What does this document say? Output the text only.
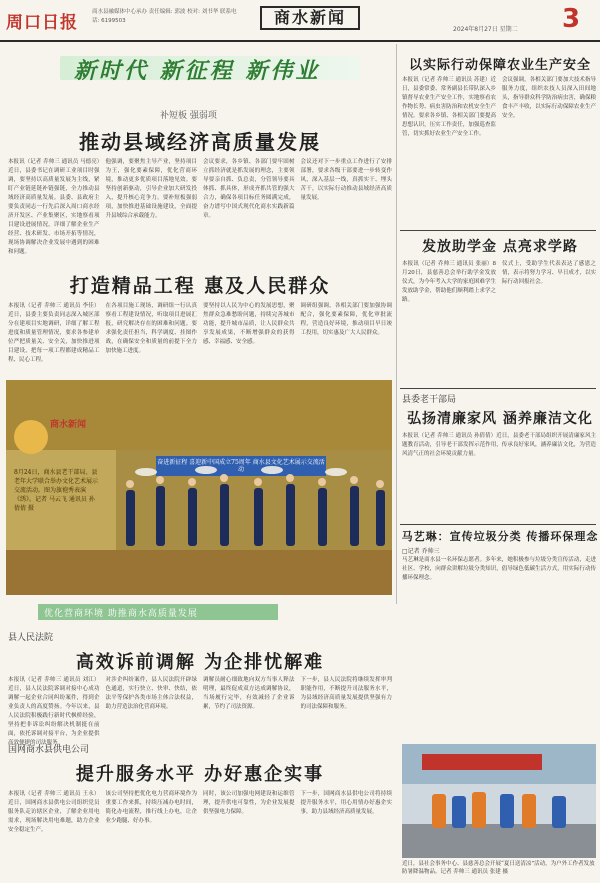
周口日报
商水县融媒体中心承办 责任编辑: 郭波 校对: 刘书华 联系电话: 6199503	商水新闻
2024年8月27日 星期二 3
新时代 新征程 新伟业
补短板 强弱项
推动县域经济高质量发展

本报讯（记者 乔帅三 通讯员 马德亮）近日，县委书记在调研工业项目时强调，要坚持以高质量发展为主线，紧盯产业链延链补链强链，全力推动县域经济高质量发展。县委、县政府主要负责同志一行先后深入周口商水经济开发区、产业集聚区，实地察看项目建设进展情况，详细了解企业生产经营、技术研发、市场开拓等情况，现场协调解决企业发展中遇到的困难和问题。

他强调，要聚焦主导产业，坚持项目为王，强化要素保障，优化营商环境，推动更多优质项目落地见效。要坚持创新驱动，引导企业加大研发投入，提升核心竞争力。要补短板强弱项，加快推进基础设施建设，全面提升县域综合承载能力。

会议要求，各乡镇、各部门要牢固树立抓经济就是抓发展的理念，主要领导要亲自抓、负总责，分管领导要具体抓、抓具体，形成齐抓共管的强大合力，确保各项目标任务圆满完成，奋力谱写中国式现代化商水实践新篇章。

会议还对下一步重点工作进行了安排部署，要求各级干部要进一步转变作风，深入基层一线，真抓实干、埋头苦干，以实际行动推动县域经济高质量发展。

打造精品工程 惠及人民群众

本报讯（记者 乔帅三 通讯员 李佳）近日，县委主要负责同志深入城区部分在建项目实地调研，详细了解工程进度和质量管理情况，要求各参建单位严把质量关、安全关，加快推进项目建设，把每一项工程都建成精品工程、民心工程。

在各项目施工现场，调研组一行认真察看工程建设情况，听取项目进展汇报，研究解决存在的困难和问题。要求强化责任担当，科学调度、挂图作战，在确保安全和质量的前提下全力加快施工进度。

要坚持以人民为中心的发展思想，聚焦群众急难愁盼问题，持续完善城市功能，提升城市品质，让人民群众共享发展成果，不断增强群众的获得感、幸福感、安全感。

调研组强调，各相关部门要加强协调配合，强化要素保障，优化审批流程，营造良好环境，推动项目早日竣工投用，切实惠及广大人民群众。

奋进新征程 喜迎新中国成立75周年 商水县文化艺术展示交流活动
商水新闻
8月24日，商水县老干部局、县老年大学联合举办文化艺术展示交流活动。图为旗袍秀表演《绣》。记者 马云飞 通讯员 孙倩倩 摄
优化营商环境 助推商水高质量发展
县人民法院
高效诉前调解 为企排忧解难

本报讯（记者 乔帅三 通讯员 刘江）近日，县人民法院诉调对接中心成功调解一起企业合同纠纷案件，得到企业负责人的高度赞扬。今年以来，县人民法院积极践行新时代枫桥经验，坚持把非诉讼纠纷解决机制挺在前面，依托诉调对接平台，为企业提供高效便捷的司法服务。

对涉企纠纷案件，县人民法院开辟绿色通道，实行快立、快审、快结，依法平等保护各类市场主体合法权益，助力营造法治化营商环境。

调解员耐心细致地向双方当事人释法明理，最终促成双方达成调解协议，当场履行完毕，有效减轻了企业诉累，节约了司法资源。

下一步，县人民法院将继续发挥审判职能作用，不断提升司法服务水平，为县域经济高质量发展提供坚强有力的司法保障和服务。

国网商水县供电公司
提升服务水平 办好惠企实事

本报讯（记者 乔帅三 通讯员 王永）近日，国网商水县供电公司组织党员服务队走访辖区企业，了解企业用电需求，现场解决用电难题，助力企业安全稳定生产。

该公司坚持把优化电力营商环境作为重要工作来抓，持续压减办电时间，简化办电流程，推行线上办电，让企业少跑腿、好办事。

同时，该公司加强电网建设和运维管理，提升供电可靠性，为企业发展提供坚强电力保障。

下一步，国网商水县供电公司将持续提升服务水平，用心用情办好惠企实事，助力县域经济高质量发展。

以实际行动保障农业生产安全

本报讯（记者 乔帅三 通讯员 苏建）近日，县委常委、常务副县长带队深入乡镇督导农业生产安全工作，实地察看农作物长势、病虫害防治和农机安全生产情况。要求各乡镇、各相关部门要提高思想认识，压实工作责任，加强巡查监管，切实抓好农业生产安全工作。

会议强调，各相关部门要加大技术指导服务力度，组织农技人员深入田间地头，指导群众科学防治病虫害，确保粮食丰产丰收，以实际行动保障农业生产安全。

发放助学金 点亮求学路

本报讯（记者 乔帅三 通讯员 张丽）8月20日，县慈善总会举行助学金发放仪式，为今年考入大学的家庭困难学生发放助学金，帮助他们顺利踏上求学之路。

仪式上，受助学生代表表达了感恩之情，表示将努力学习、早日成才，以实际行动回报社会。

县委老干部局
弘扬清廉家风 涵养廉洁文化

本报讯（记者 乔帅三 通讯员 孙倩倩）近日，县委老干部局组织开展清廉家风主题教育活动，引导老干部发挥示范作用，传承良好家风，涵养廉洁文化，为营造风清气正的社会环境贡献力量。

马艺琳：宣传垃圾分类 传播环保理念
□记者 乔帅三

马艺琳是商水县一名环保志愿者。多年来，她积极参与垃圾分类宣传活动，走进社区、学校，向群众讲解垃圾分类知识，倡导绿色低碳生活方式，用实际行动传播环保理念。

近日，县社会事务中心、县慈善总会开展“夏日送清凉”活动，为户外工作者发放防暑降温物品。记者 乔帅三 通讯员 张建 摄
